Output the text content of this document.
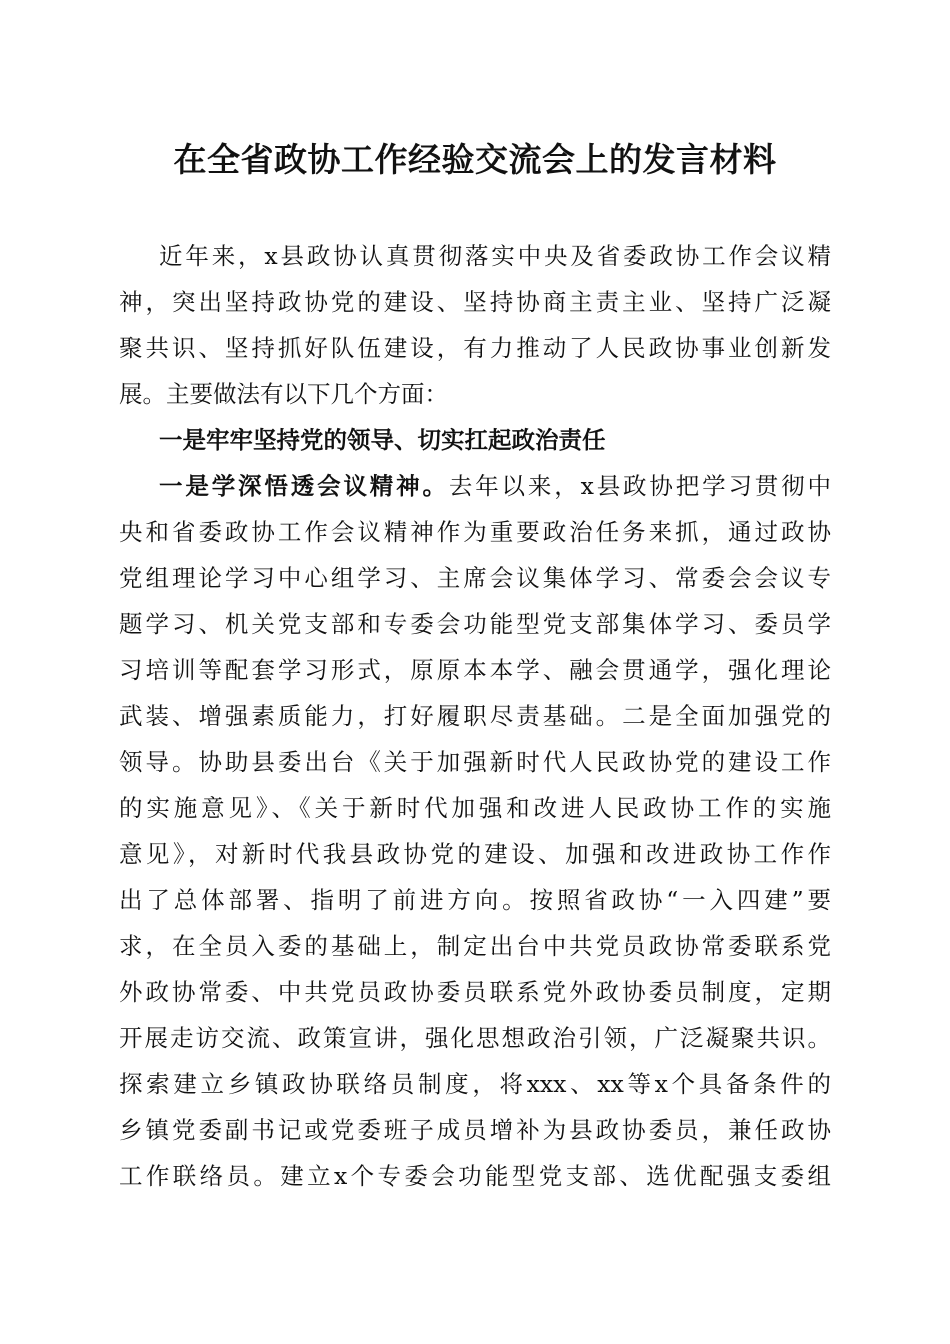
在全省政协工作经验交流会上的发言材料
近年来，x县政协认真贯彻落实中央及省委政协工作会议精
神，突出坚持政协党的建设、坚持协商主责主业、坚持广泛凝
聚共识、坚持抓好队伍建设，有力推动了人民政协事业创新发
展。主要做法有以下几个方面：
一是牢牢坚持党的领导、切实扛起政治责任
一是学深悟透会议精神。去年以来，x县政协把学习贯彻中
央和省委政协工作会议精神作为重要政治任务来抓，通过政协
党组理论学习中心组学习、主席会议集体学习、常委会会议专
题学习、机关党支部和专委会功能型党支部集体学习、委员学
习培训等配套学习形式，原原本本学、融会贯通学，强化理论
武装、增强素质能力，打好履职尽责基础。二是全面加强党的
领导。协助县委出台《关于加强新时代人民政协党的建设工作
的实施意见》、《关于新时代加强和改进人民政协工作的实施
意见》，对新时代我县政协党的建设、加强和改进政协工作作
出了总体部署、指明了前进方向。按照省政协“一入四建”要
求，在全员入委的基础上，制定出台中共党员政协常委联系党
外政协常委、中共党员政协委员联系党外政协委员制度，定期
开展走访交流、政策宣讲，强化思想政治引领，广泛凝聚共识。
探索建立乡镇政协联络员制度，将xxx、xx等x个具备条件的
乡镇党委副书记或党委班子成员增补为县政协委员，兼任政协
工作联络员。建立x个专委会功能型党支部、选优配强支委组
